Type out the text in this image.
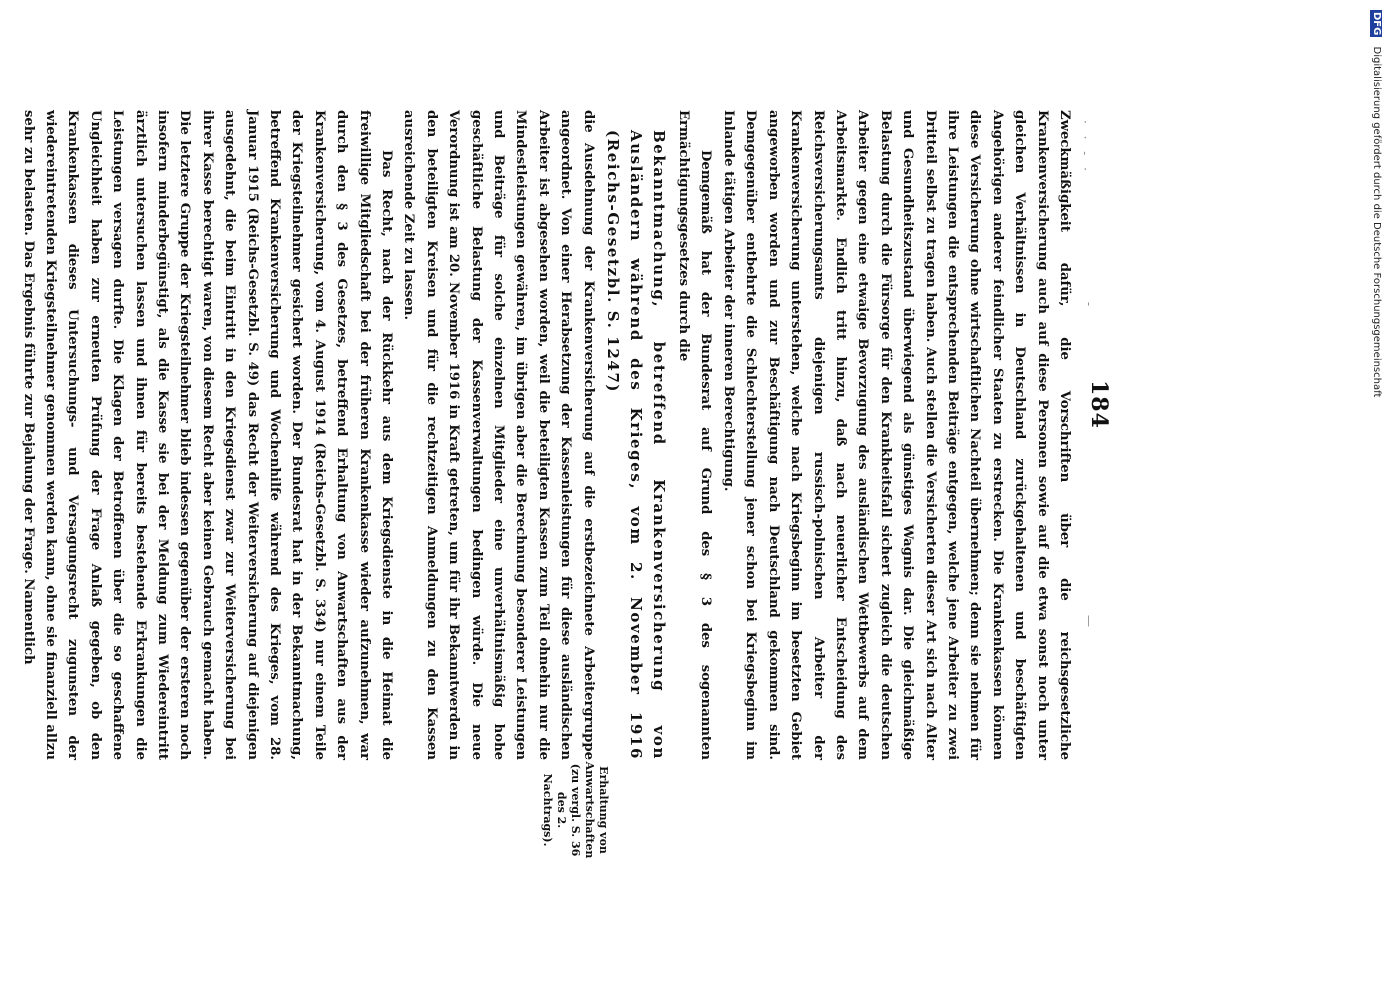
· · ‐ ·
‐
184
—

Zweckmäßigkeit dafür, die Vorschriften über die reichsgesetzliche Krankenversicherung auch auf diese Personen sowie auf die etwa sonst noch unter gleichen Verhältnissen in Deutschland zurückgehaltenen und beschäftigten Angehörigen anderer feindlicher Staaten zu erstrecken. Die Krankenkassen können diese Versicherung ohne wirtschaftlichen Nachteil übernehmen; denn sie nehmen für ihre Leistungen die entsprechenden Beiträge entgegen, welche jene Arbeiter zu zwei Dritteil selbst zu tragen haben. Auch stellen die Versicherten dieser Art sich nach Alter und Gesundheitszustand überwiegend als günstiges Wagnis dar. Die gleichmäßige Belastung durch die Fürsorge für den Krankheitsfall sichert zugleich die deutschen Arbeiter gegen eine etwaige Bevorzugung des ausländischen Wettbewerbs auf dem Arbeitsmarkte. Endlich tritt hinzu, daß nach neuerlicher Entscheidung des Reichsversicherungsamts diejenigen russisch-polnischen Arbeiter der Krankenversicherung unterstehen, welche nach Kriegsbeginn im besetzten Gebiet angeworben worden und zur Beschäftigung nach Deutschland gekommen sind. Demgegenüber entbehrte die Schlechterstellung jener schon bei Kriegsbeginn im Inlande tätigen Arbeiter der inneren Berechtigung.

Demgemäß hat der Bundesrat auf Grund des § 3 des sogenannten Ermächtigungsgesetzes durch die

Bekanntmachung, betreffend Krankenversicherung von Ausländern während des Krieges, vom 2. November 1916 (Reichs-Gesetzbl. S. 1247)

die Ausdehnung der Krankenversicherung auf die erstbezeichnete Arbeitergruppe angeordnet. Von einer Herabsetzung der Kassenleistungen für diese ausländischen Arbeiter ist abgesehen worden, weil die beteiligten Kassen zum Teil ohnehin nur die Mindestleistungen gewähren, im übrigen aber die Berechnung besonderer Leistungen und Beiträge für solche einzelnen Mitglieder eine unverhältnismäßig hohe geschäftliche Belastung der Kassenverwaltungen bedingen würde. Die neue Verordnung ist am 20. November 1916 in Kraft getreten, um für ihr Bekanntwerden in den beteiligten Kreisen und für die rechtzeitigen Anmeldungen zu den Kassen ausreichende Zeit zu lassen.

Das Recht, nach der Rückkehr aus dem Kriegsdienste in die Heimat die freiwillige Mitgliedschaft bei der früheren Krankenkasse wieder aufzunehmen, war durch den § 3 des Gesetzes, betreffend Erhaltung von Anwartschaften aus der Krankenversicherung, vom 4. August 1914 (Reichs-Gesetzbl. S. 334) nur einem Teile der Kriegsteilnehmer gesichert worden. Der Bundesrat hat in der Bekanntmachung, betreffend Krankenversicherung und Wochenhilfe während des Krieges, vom 28. Januar 1915 (Reichs-Gesetzbl. S. 49) das Recht der Weiterversicherung auf diejenigen ausgedehnt, die beim Eintritt in den Kriegsdienst zwar zur Weiterversicherung bei ihrer Kasse berechtigt waren, von diesem Recht aber keinen Gebrauch gemacht haben. Die letztere Gruppe der Kriegsteilnehmer blieb indessen gegenüber der ersteren noch insofern minderbegünstigt, als die Kasse sie bei der Meldung zum Wiedereintritt ärztlich untersuchen lassen und ihnen für bereits bestehende Erkrankungen die Leistungen versagen durfte. Die Klagen der Betroffenen über die so geschaffene Ungleichheit haben zur erneuten Prüfung der Frage Anlaß gegeben, ob den Krankenkassen dieses Untersuchungs- und Versagungsrecht zugunsten der wiedereintretenden Kriegsteilnehmer genommen werden kann, ohne sie finanziell allzu sehr zu belasten. Das Ergebnis führte zur Bejahung der Frage. Namentlich

Erhaltung von Anwartschaften (zu vergl. S. 36 des 2. Nachtrags).
DFG Digitalisierung gefördert durch die Deutsche Forschungsgemeinschaft
